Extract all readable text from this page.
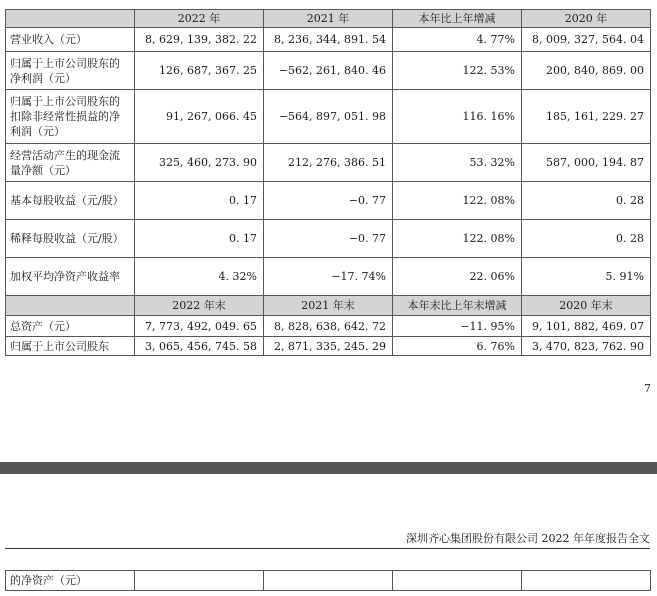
	2022 年	2021 年	本年比上年增减	2020 年
营业收入（元）	8, 629, 139, 382. 22	8, 236, 344, 891. 54	4. 77%	8, 009, 327, 564. 04
归属于上市公司股东的净利润（元）	126, 687, 367. 25	−562, 261, 840. 46	122. 53%	200, 840, 869. 00
归属于上市公司股东的扣除非经常性损益的净利润（元）	91, 267, 066. 45	−564, 897, 051. 98	116. 16%	185, 161, 229. 27
经营活动产生的现金流量净额（元）	325, 460, 273. 90	212, 276, 386. 51	53. 32%	587, 000, 194. 87
基本每股收益（元/股）	0. 17	−0. 77	122. 08%	0. 28
稀释每股收益（元/股）	0. 17	−0. 77	122. 08%	0. 28
加权平均净资产收益率	4. 32%	−17. 74%	22. 06%	5. 91%
	2022 年末	2021 年末	本年末比上年末增减	2020 年末
总资产（元）	7, 773, 492, 049. 65	8, 828, 638, 642. 72	−11. 95%	9, 101, 882, 469. 07
归属于上市公司股东	3, 065, 456, 745. 58	2, 871, 335, 245. 29	6. 76%	3, 470, 823, 762. 90
7
深圳齐心集团股份有限公司 2022 年年度报告全文
的净资产（元）				
